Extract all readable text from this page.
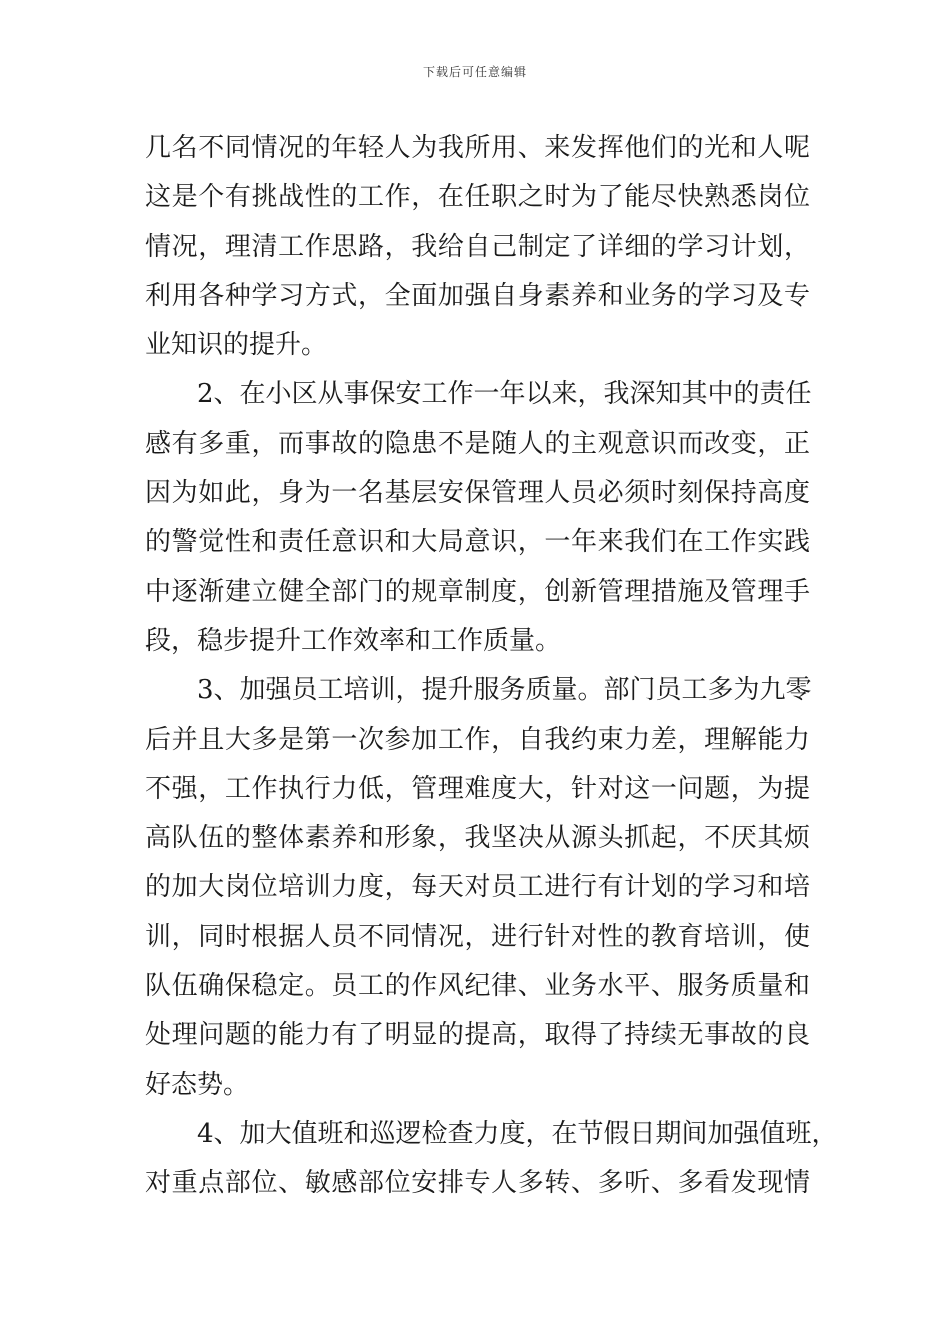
下载后可任意编辑
几名不同情况的年轻人为我所用、来发挥他们的光和人呢
这是个有挑战性的工作，在任职之时为了能尽快熟悉岗位
情况，理清工作思路，我给自己制定了详细的学习计划，
利用各种学习方式，全面加强自身素养和业务的学习及专
业知识的提升。
2、在小区从事保安工作一年以来，我深知其中的责任
感有多重，而事故的隐患不是随人的主观意识而改变，正
因为如此，身为一名基层安保管理人员必须时刻保持高度
的警觉性和责任意识和大局意识，一年来我们在工作实践
中逐渐建立健全部门的规章制度，创新管理措施及管理手
段，稳步提升工作效率和工作质量。
3、加强员工培训，提升服务质量。部门员工多为九零
后并且大多是第一次参加工作，自我约束力差，理解能力
不强，工作执行力低，管理难度大，针对这一问题，为提
高队伍的整体素养和形象，我坚决从源头抓起，不厌其烦
的加大岗位培训力度，每天对员工进行有计划的学习和培
训，同时根据人员不同情况，进行针对性的教育培训，使
队伍确保稳定。员工的作风纪律、业务水平、服务质量和
处理问题的能力有了明显的提高，取得了持续无事故的良
好态势。
4、加大值班和巡逻检查力度，在节假日期间加强值班，
对重点部位、敏感部位安排专人多转、多听、多看发现情
